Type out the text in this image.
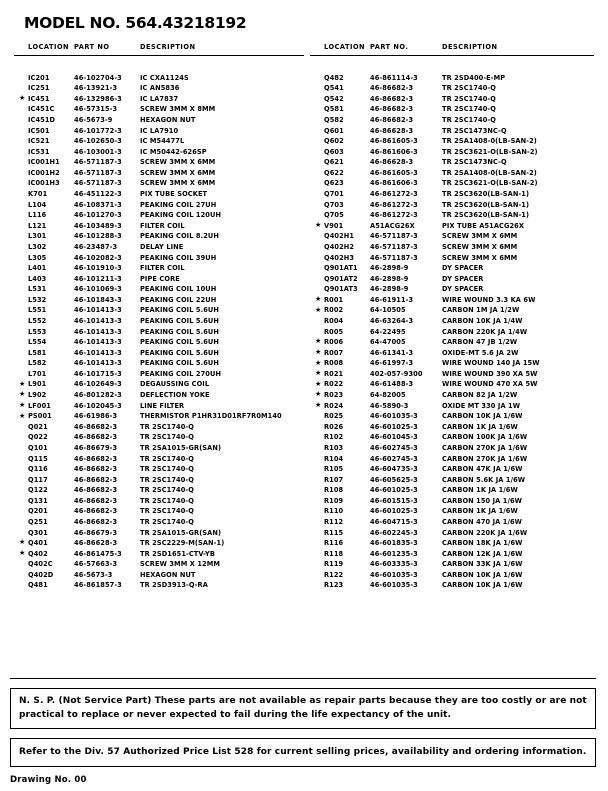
MODEL NO. 564.43218192
LOCATION	PART NO	DESCRIPTION

IC201	46-102704-3	IC CXA1124S
IC251	46-13921-3	IC AN5836

★ IC451	46-132986-3	IC LA7837
IC451C	46-57315-3	SCREW 3MM X 8MM
IC451D	46-5673-9	HEXAGON NUT
IC501	46-101772-3	IC LA7910
IC521	46-102650-3	IC M54477L
IC531	46-103001-3	IC M50442-626SP
IC001H1	46-571187-3	SCREW 3MM X 6MM
IC001H2	46-571187-3	SCREW 3MM X 6MM
IC001H3	46-571187-3	SCREW 3MM X 6MM
K701	46-451122-3	PIX TUBE SOCKET
L104	46-108371-3	PEAKING COIL 27UH
L116	46-101270-3	PEAKING COIL 120UH
L121	46-103489-3	FILTER COIL
L301	46-101288-3	PEAKING COIL 8.2UH
L302	46-23487-3	DELAY LINE
L305	46-102082-3	PEAKING COIL 39UH
L401	46-101910-3	FILTER COIL
L403	46-101211-3	PIPE CORE
L531	46-101069-3	PEAKING COIL 10UH
L532	46-101843-3	PEAKING COIL 22UH
L551	46-101413-3	PEAKING COIL 5.6UH
L552	46-101413-3	PEAKING COIL 5.6UH
L553	46-101413-3	PEAKING COIL 5.6UH
L554	46-101413-3	PEAKING COIL 5.6UH
L581	46-101413-3	PEAKING COIL 5.6UH
L582	46-101413-3	PEAKING COIL 5.6UH
L701	46-101715-3	PEAKING COIL 270UH

★ L901	46-102649-3	DEGAUSSING COIL

★ L902	46-801282-3	DEFLECTION YOKE

★ LF001	46-102045-3	LINE FILTER

★ PS001	46-61986-3	THERMISTOR P1HR31D01RF7R0M140
Q021	46-86682-3	TR 2SC1740-Q
Q022	46-86682-3	TR 2SC1740-Q
Q101	46-86679-3	TR 2SA1015-GR(SAN)
Q115	46-86682-3	TR 2SC1740-Q
Q116	46-86682-3	TR 2SC1740-Q
Q117	46-86682-3	TR 2SC1740-Q
Q122	46-86682-3	TR 2SC1740-Q
Q131	46-86682-3	TR 2SC1740-Q
Q201	46-86682-3	TR 2SC1740-Q
Q251	46-86682-3	TR 2SC1740-Q
Q301	46-86679-3	TR 2SA1015-GR(SAN)

★ Q401	46-86628-3	TR 2SC2229-M(SAN-1)

★ Q402	46-861475-3	TR 2SD1651-CTV-YB
Q402C	46-57663-3	SCREW 3MM X 12MM
Q402D	46-5673-3	HEXAGON NUT
Q481	46-861857-3	TR 2SD3913-Q-RA
LOCATION	PART NO.	DESCRIPTION

Q482	46-861114-3	TR 2SD400-E-MP
Q541	46-86682-3	TR 2SC1740-Q
Q542	46-86682-3	TR 2SC1740-Q
Q581	46-86682-3	TR 2SC1740-Q
Q582	46-86682-3	TR 2SC1740-Q
Q601	46-86628-3	TR 2SC1473NC-Q
Q602	46-861605-3	TR 2SA1408-0(LB-SAN-2)
Q603	46-861606-3	TR 2SC3621-O(LB-SAN-2)
Q621	46-86628-3	TR 2SC1473NC-Q
Q622	46-861605-3	TR 2SA1408-0(LB-SAN-2)
Q623	46-861606-3	TR 2SC3621-O(LB-SAN-2)
Q701	46-861272-3	TR 2SC3620(LB-SAN-1)
Q703	46-861272-3	TR 2SC3620(LB-SAN-1)
Q705	46-861272-3	TR 2SC3620(LB-SAN-1)

★ V901	A51ACG26X	PIX TUBE A51ACG26X
Q402H1	46-571187-3	SCREW 3MM X 6MM
Q402H2	46-571187-3	SCREW 3MM X 6MM
Q402H3	46-571187-3	SCREW 3MM X 6MM
Q901AT1	46-2898-9	DY SPACER
Q901AT2	46-2898-9	DY SPACER
Q901AT3	46-2898-9	DY SPACER

★ R001	46-61911-3	WIRE WOUND 3.3 KA 6W

★ R002	64-10505	CARBON 1M JA 1/2W
R004	46-63264-3	CARBON 10K JA 1/4W
R005	64-22495	CARBON 220K JA 1/4W

★ R006	64-47005	CARBON 47 JB 1/2W

★ R007	46-61341-3	OXIDE-MT 5.6 JA 2W

★ R008	46-61997-3	WIRE WOUND 140 JA 15W

★ R021	402-057-9300	WIRE WOUND 390 XA 5W

★ R022	46-61488-3	WIRE WOUND 470 XA 5W

★ R023	64-82005	CARBON 82 JA 1/2W

★ R024	46-5890-3	OXIDE MT 330 JA 1W
R025	46-601035-3	CARBON 10K JA 1/6W
R026	46-601025-3	CARBON 1K JA 1/6W
R102	46-601045-3	CARBON 100K JA 1/6W
R103	46-602745-3	CARBON 270K JA 1/6W
R104	46-602745-3	CARBON 270K JA 1/6W
R105	46-604735-3	CARBON 47K JA 1/6W
R107	46-605625-3	CARBON 5.6K JA 1/6W
R108	46-601025-3	CARBON 1K JA 1/6W
R109	46-601515-3	CARBON 150 JA 1/6W
R110	46-601025-3	CARBON 1K JA 1/6W
R112	46-604715-3	CARBON 470 JA 1/6W
R115	46-602245-3	CARBON 220K JA 1/6W
R116	46-601835-3	CARBON 18K JA 1/6W
R118	46-601235-3	CARBON 12K JA 1/6W
R119	46-603335-3	CARBON 33K JA 1/6W
R122	46-601035-3	CARBON 10K JA 1/6W
R123	46-601035-3	CARBON 10K JA 1/6W
N. S. P. (Not Service Part) These parts are not available as repair parts because they are too costly or are not practical to replace or never expected to fail during the life expectancy of the unit.
Refer to the Div. 57 Authorized Price List 528 for current selling prices, availability and ordering information.
Drawing No. 00
